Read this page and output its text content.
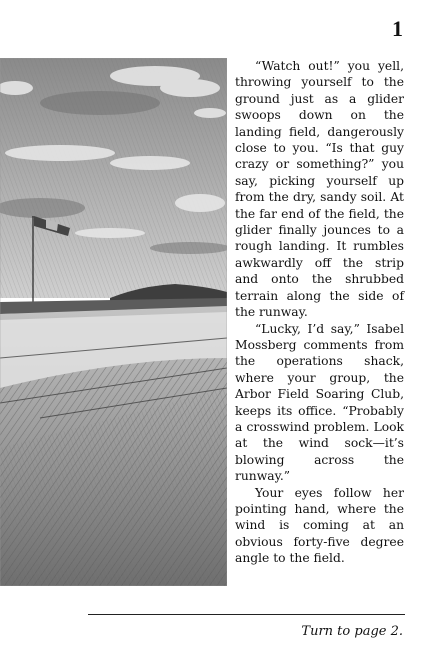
1

“Watch out!” you yell, throwing yourself to the ground just as a glider swoops down on the landing field, dangerously close to you. “Is that guy crazy or something?” you say, picking yourself up from the dry, sandy soil. At the far end of the field, the glider finally jounces to a rough landing. It rumbles awkwardly off the strip and onto the shrubbed terrain along the side of the runway.

“Lucky, I’d say,” Isabel Mossberg comments from the operations shack, where your group, the Arbor Field Soaring Club, keeps its office. “Probably a crosswind problem. Look at the wind sock—it’s blowing across the runway.”

Your eyes follow her pointing hand, where the wind is coming at an obvious forty-five degree angle to the field.

Turn to page 2.
